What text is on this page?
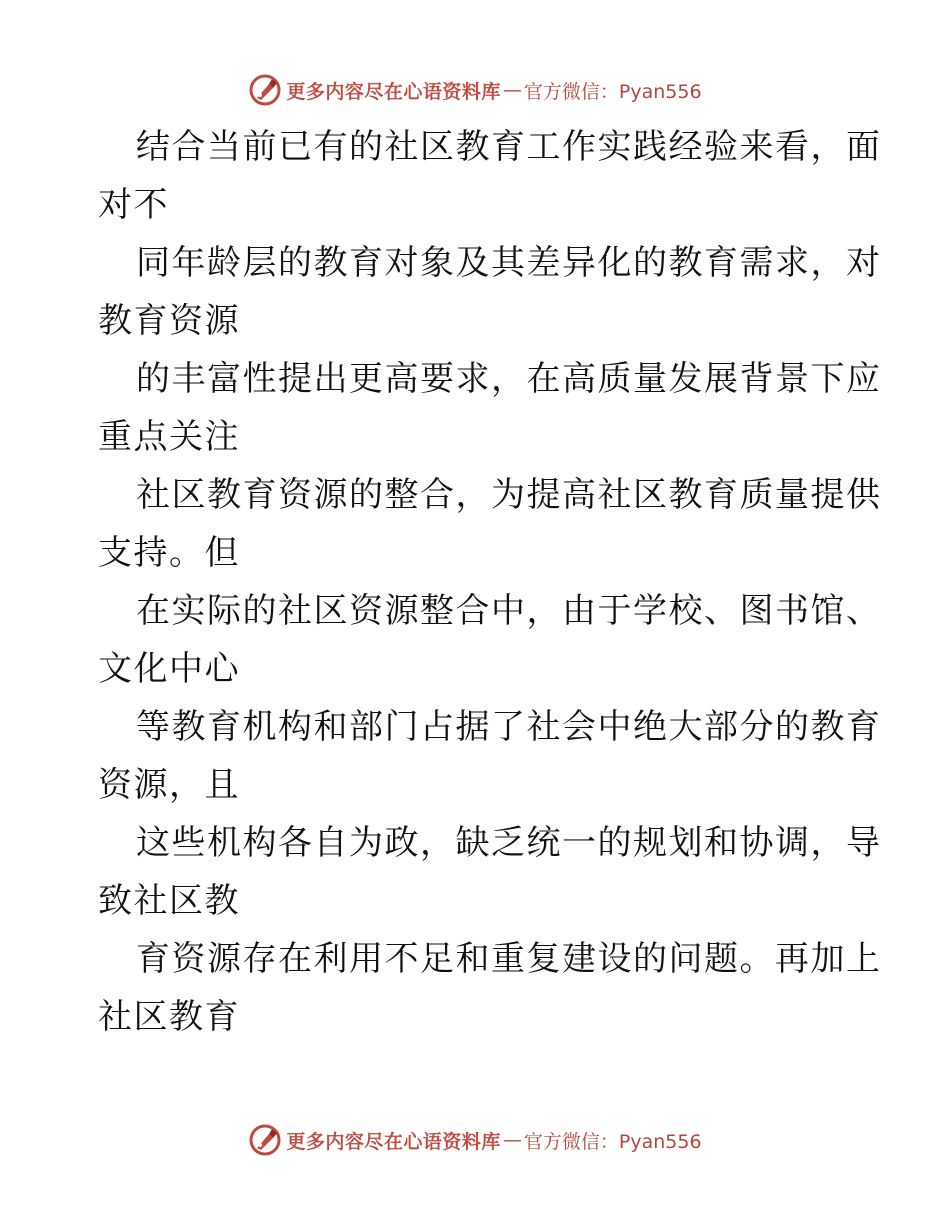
更多内容尽在心语资料库 — 官方微信：Pyan556
结合当前已有的社区教育工作实践经验来看，面
对不
同年龄层的教育对象及其差异化的教育需求，对
教育资源
的丰富性提出更高要求，在高质量发展背景下应
重点关注
社区教育资源的整合，为提高社区教育质量提供
支持。但
在实际的社区资源整合中，由于学校、图书馆、
文化中心
等教育机构和部门占据了社会中绝大部分的教育
资源，且
这些机构各自为政，缺乏统一的规划和协调，导
致社区教
育资源存在利用不足和重复建设的问题。再加上
社区教育
更多内容尽在心语资料库 — 官方微信：Pyan556
